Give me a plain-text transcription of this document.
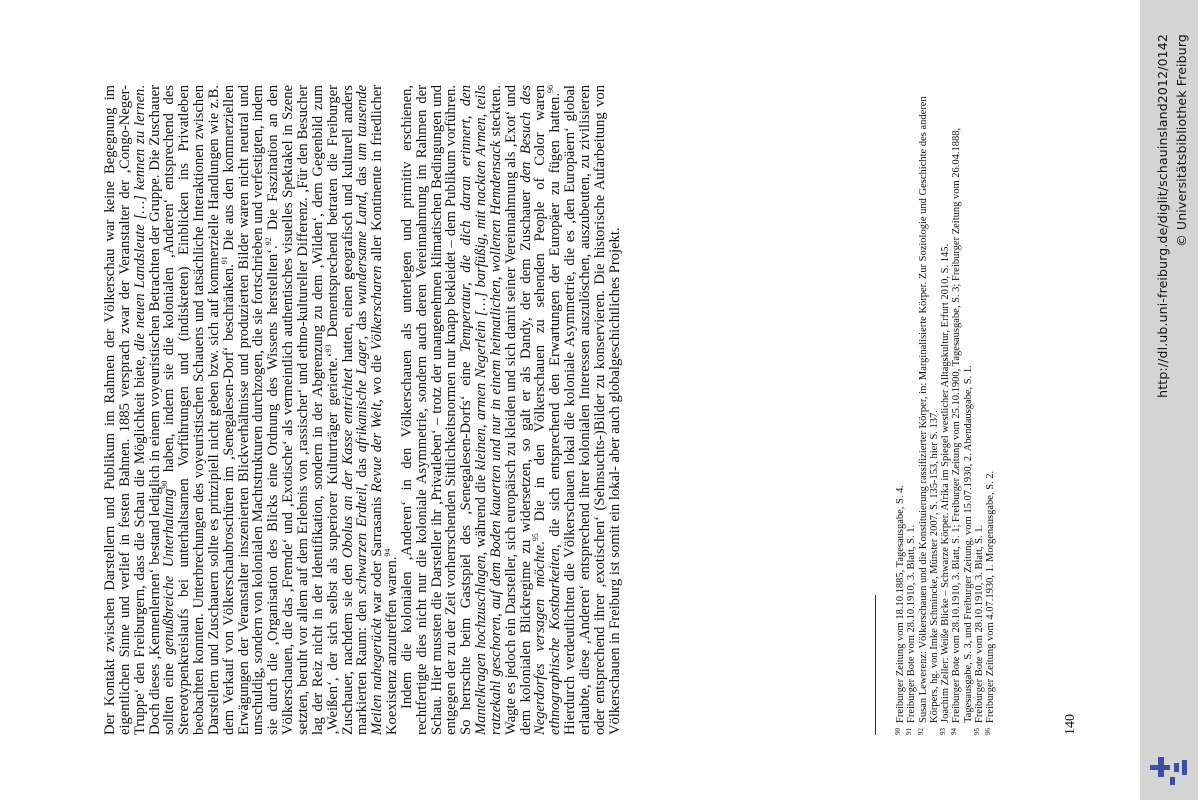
Der Kontakt zwischen Darstellern und Publikum im Rahmen der Völkerschau war keine Begegnung im eigentlichen Sinne und verlief in festen Bahnen. 1885 versprach zwar der Veranstalter der ‚Congo-Neger-Truppe‘ den Freiburgern, dass die Schau die Möglichkeit biete, die neuen Landsleute […] kennen zu lernen. Doch dieses ‚Kennenlernen‘ bestand lediglich in einem voyeuristischen Betrachten der Gruppe. Die Zuschauer sollten eine genußbreiche Unterhaltung$^{90}$ haben, indem sie die kolonialen ‚Anderen‘ entsprechend des Stereotypenkreislaufs bei unterhaltsamen Vorführungen und (indiskreten) Einblicken ins Privatleben beobachten konnten. Unterbrechungen des voyeuristischen Schauens und tatsächliche Interaktionen zwischen Darstellern und Zuschauern sollte es prinzipiell nicht geben bzw. sich auf kommerzielle Handlungen wie z.B. dem Verkauf von Völkerschaubroschüren im ‚Senegalesen-Dorf‘ beschränken.$^{91}$ Die aus den kommerziellen Erwägungen der Veranstalter inszenierten Blickverhältnisse und produzierten Bilder waren nicht neutral und unschuldig, sondern von kolonialen Machtstrukturen durchzogen, die sie fortschrieben und verfestigten, indem sie durch die ‚Organisation des Blicks eine Ordnung des Wissens herstellten‘.$^{92}$ Die Faszination an den Völkerschauen, die das ‚Fremde‘ und ‚Exotische‘ als vermeintlich authentisches visuelles Spektakel in Szene setzten, beruht vor allem auf dem Erlebnis von ‚rassischer‘ und ethno-kultureller Differenz. ‚Für den Besucher lag der Reiz nicht in der Identifikation, sondern in der Abgrenzung zu dem ‚Wilden‘, dem Gegenbild zum ‚Weißen‘, der sich selbst als superiorer Kulturträger gerierte.‘$^{93}$ Dementsprechend betraten die Freiburger Zuschauer, nachdem sie den Obolus an der Kasse entrichtet hatten, einen geografisch und kulturell anders markierten Raum: den schwarzen Erdteil, das afrikanische Lager, das wundersame Land, das um tausende Meilen nahegerückt war oder Sarrasanis Revue der Welt, wo die Völkerscharen aller Kontinente in friedlicher Koexistenz anzutreffen waren.$^{94}$ Indem die kolonialen ‚Anderen‘ in den Völkerschauen als unterlegen und primitiv erschienen, rechtfertigte dies nicht nur die koloniale Asymmetrie, sondern auch deren Vereinnahmung im Rahmen der Schau. Hier mussten die Darsteller ihr ‚Privatleben‘ – trotz der unangenehmen klimatischen Bedingungen und entgegen der zu der Zeit vorherrschenden Sittlichkeitsnormen nur knapp bekleidet – dem Publikum vorführen. So herrschte beim Gastspiel des ‚Senegalesen-Dorfs‘ eine Temperatur, die dich daran erinnert, den Mantelkragen hochzuschlagen, während die kleinen, armen Negerlein […] barfüßig, mit nackten Armen, teils ratzekahl geschoren, auf dem Boden kauerten und nur in einem heimatlichen, wollenen Hemdensack steckten. Wagte es jedoch ein Darsteller, sich europäisch zu kleiden und sich damit seiner Vereinnahmung als ‚Exot‘ und dem kolonialen Blickregime zu widersetzen, so galt er als Dandy, der dem Zuschauer den Besuch des Negerdorfes versagen möchte.$^{95}$ Die in den Völkerschauen zu sehenden People of Color waren ethnographische Kostbarkeiten, die sich entsprechend den Erwartungen der Europäer zu fügen hatten.$^{96}$ Hierdurch verdeutlichten die Völkerschauen lokal die koloniale Asymmetrie, die es ‚den Europäern‘ global erlaubte, diese ‚Anderen‘ entsprechend ihrer kolonialen Interessen auszulöschen, auszubeuten, zu zivilisieren oder entsprechend ihrer ‚exotischen‘ (Sehnsuchts-)Bilder zu konservieren. Die historische Aufarbeitung von Völkerschauen in Freiburg ist somit ein lokal- aber auch globalgeschichtliches Projekt.	90
Freiburger Zeitung vom 18.10.1885, Tagesausgabe, S. 4.
91
Freiburger Bote vom 28.10.1910, 3. Blatt, S. 1.
92
Susan Lewerenz: Völkerschauen und die Konstituierung rassifizierter Körper, in: Marginalisierte Körper. Zur Soziologie und Geschichte des anderen Körpers, hg. von Imke Schmincke, Münster 2007, S. 135-153, hier S. 137.
93
Joachim Zeller: Weiße Blicke – Schwarze Körper. Afrika im Spiegel westlicher Alltagskultur, Erfurt 2010, S. 145.
94
Freiburger Bote vom 28.10.1910, 3. Blatt, S. 1; Freiburger Zeitung vom 25.10.1900, Tagesausgabe, S. 3; Freiburger Zeitung vom 26.04.1888, Tagesausgabe, S. 3, und Freiburger Zeitung, vom 15.07.1930, 2. Abendausgabe, S. 1.
95
Freiburger Bote vom 28.10.1910, 3. Blatt, S. 1.
96
Freiburger Zeitung vom 4.07.1930, 1. Morgenausgabe, S. 2.
140
http://dl.ub.uni-freiburg.de/diglit/schauinsland2012/0142 © Universitätsbibliothek Freiburg
